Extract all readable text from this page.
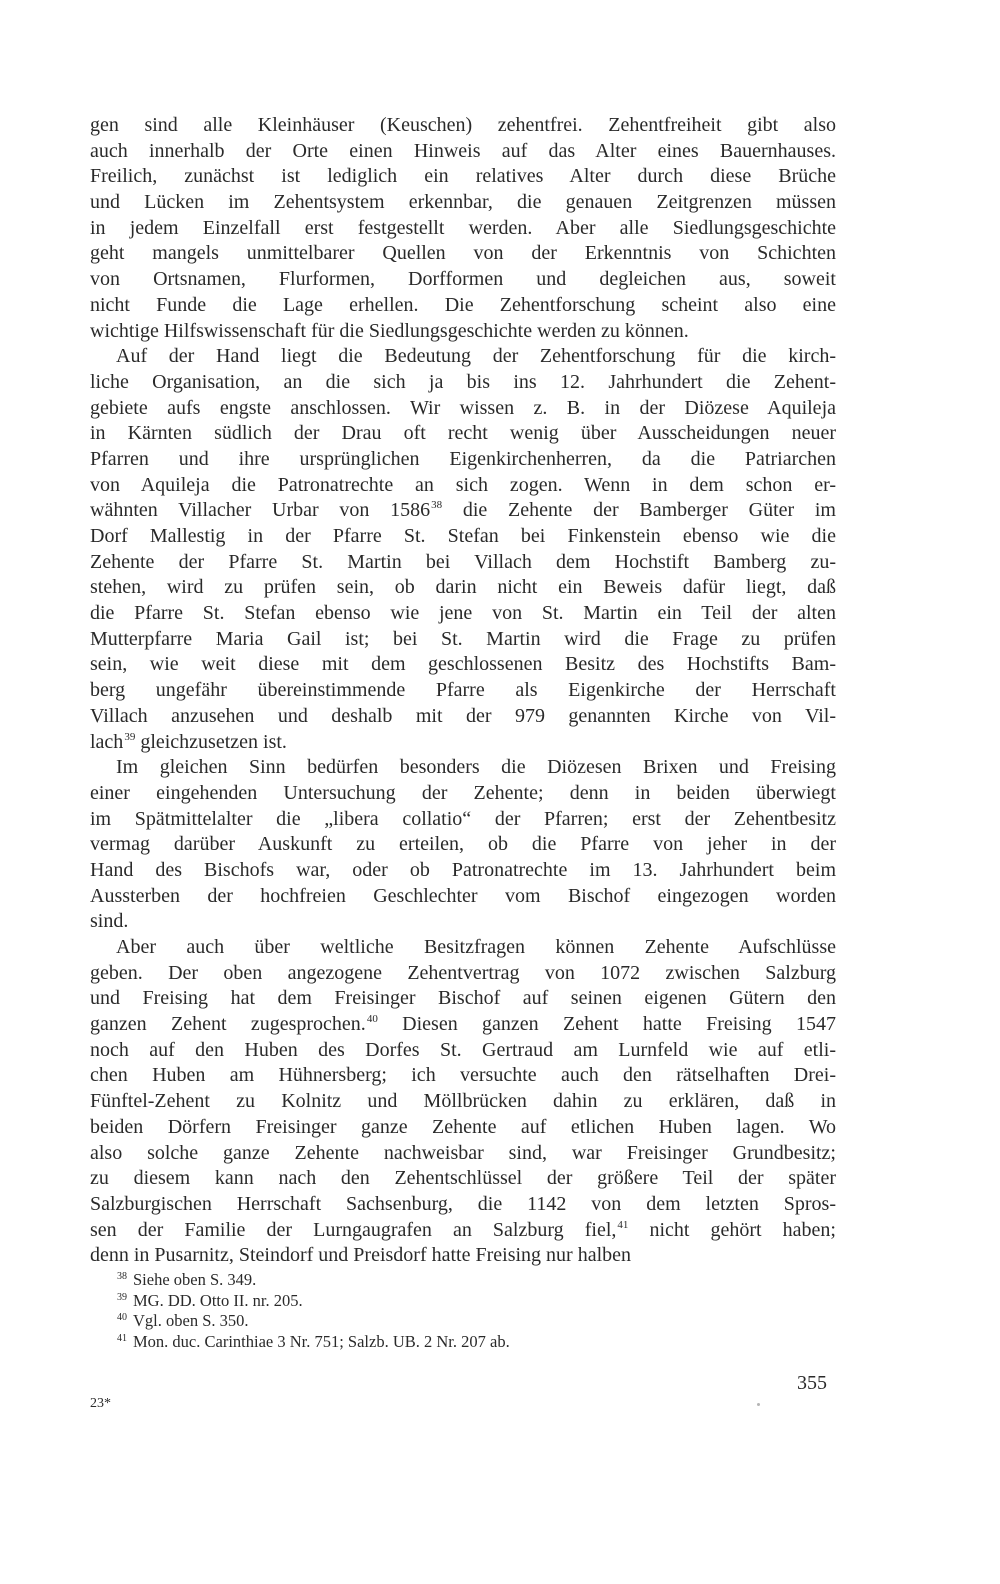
gen sind alle Kleinhäuser (Keuschen) zehentfrei. Zehentfreiheit gibt also
auch innerhalb der Orte einen Hinweis auf das Alter eines Bauernhauses.
Freilich, zunächst ist lediglich ein relatives Alter durch diese Brüche
und Lücken im Zehentsystem erkennbar, die genauen Zeitgrenzen müssen
in jedem Einzelfall erst festgestellt werden. Aber alle Siedlungsgeschichte
geht mangels unmittelbarer Quellen von der Erkenntnis von Schichten
von Ortsnamen, Flurformen, Dorfformen und degleichen aus, soweit
nicht Funde die Lage erhellen. Die Zehentforschung scheint also eine
wichtige Hilfswissenschaft für die Siedlungsgeschichte werden zu können.
Auf der Hand liegt die Bedeutung der Zehentforschung für die kirch-
liche Organisation, an die sich ja bis ins 12. Jahrhundert die Zehent-
gebiete aufs engste anschlossen. Wir wissen z. B. in der Diözese Aquileja
in Kärnten südlich der Drau oft recht wenig über Ausscheidungen neuer
Pfarren und ihre ursprünglichen Eigenkirchenherren, da die Patriarchen
von Aquileja die Patronatrechte an sich zogen. Wenn in dem schon er-
wähnten Villacher Urbar von 1586$^{38}$ die Zehente der Bamberger Güter im
Dorf Mallestig in der Pfarre St. Stefan bei Finkenstein ebenso wie die
Zehente der Pfarre St. Martin bei Villach dem Hochstift Bamberg zu-
stehen, wird zu prüfen sein, ob darin nicht ein Beweis dafür liegt, daß
die Pfarre St. Stefan ebenso wie jene von St. Martin ein Teil der alten
Mutterpfarre Maria Gail ist; bei St. Martin wird die Frage zu prüfen
sein, wie weit diese mit dem geschlossenen Besitz des Hochstifts Bam-
berg ungefähr übereinstimmende Pfarre als Eigenkirche der Herrschaft
Villach anzusehen und deshalb mit der 979 genannten Kirche von Vil-
lach$^{39}$ gleichzusetzen ist.
Im gleichen Sinn bedürfen besonders die Diözesen Brixen und Freising
einer eingehenden Untersuchung der Zehente; denn in beiden überwiegt
im Spätmittelalter die „libera collatio“ der Pfarren; erst der Zehentbesitz
vermag darüber Auskunft zu erteilen, ob die Pfarre von jeher in der
Hand des Bischofs war, oder ob Patronatrechte im 13. Jahrhundert beim
Aussterben der hochfreien Geschlechter vom Bischof eingezogen worden
sind.
Aber auch über weltliche Besitzfragen können Zehente Aufschlüsse
geben. Der oben angezogene Zehentvertrag von 1072 zwischen Salzburg
und Freising hat dem Freisinger Bischof auf seinen eigenen Gütern den
ganzen Zehent zugesprochen.$^{40}$ Diesen ganzen Zehent hatte Freising 1547
noch auf den Huben des Dorfes St. Gertraud am Lurnfeld wie auf etli-
chen Huben am Hühnersberg; ich versuchte auch den rätselhaften Drei-
Fünftel-Zehent zu Kolnitz und Möllbrücken dahin zu erklären, daß in
beiden Dörfern Freisinger ganze Zehente auf etlichen Huben lagen. Wo
also solche ganze Zehente nachweisbar sind, war Freisinger Grundbesitz;
zu diesem kann nach den Zehentschlüssel der größere Teil der später
Salzburgischen Herrschaft Sachsenburg, die 1142 von dem letzten Spros-
sen der Familie der Lurngaugrafen an Salzburg fiel,$^{41}$ nicht gehört haben;
denn in Pusarnitz, Steindorf und Preisdorf hatte Freising nur halben
$^{38}$ Siehe oben S. 349.
$^{39}$ MG. DD. Otto II. nr. 205.
$^{40}$ Vgl. oben S. 350.
$^{41}$ Mon. duc. Carinthiae 3 Nr. 751; Salzb. UB. 2 Nr. 207 ab.
355
23*
